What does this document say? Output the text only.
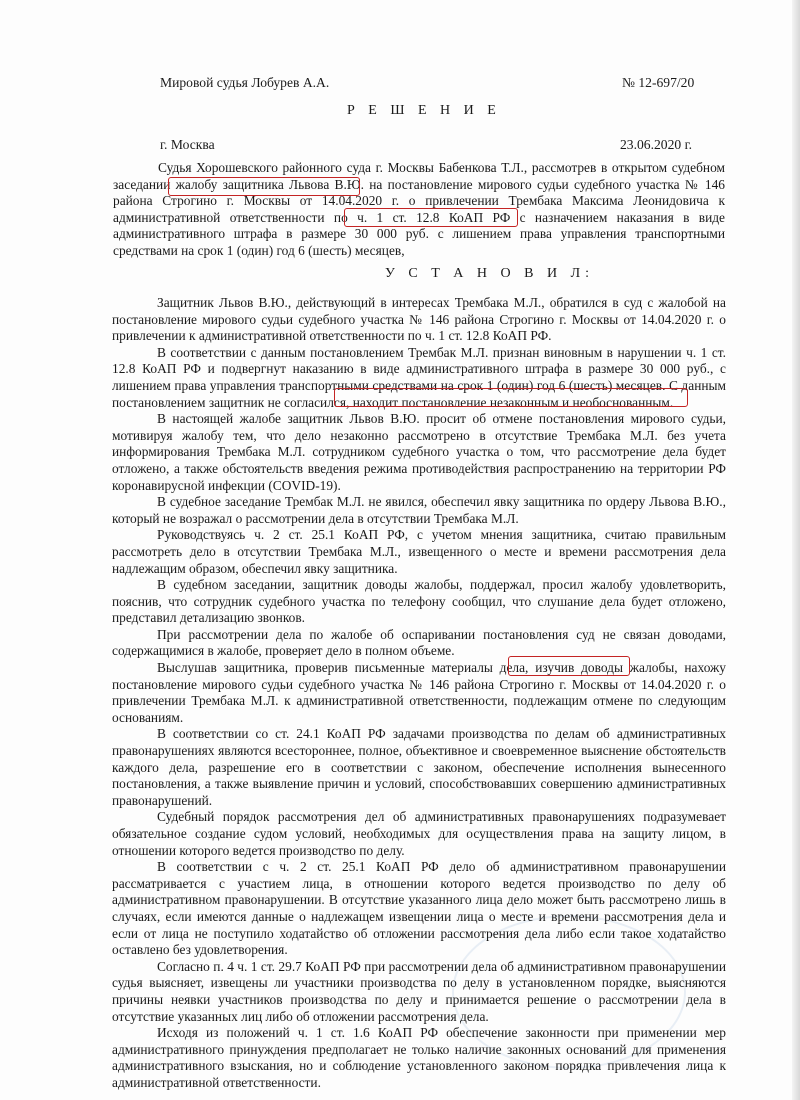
Мировой судья Лобурев А.А.	№ 12-697/20
Р Е Ш Е Н И Е
г. Москва	23.06.2020 г.

Судья Хорошевского районного суда г. Москвы Бабенкова Т.Л., рассмотрев в открытом судебном заседании жалобу защитника Львова В.Ю. на постановление мирового судьи судебного участка № 146 района Строгино г. Москвы от 14.04.2020 г. о привлечении Трембака Максима Леонидовича к административной ответственности по ч. 1 ст. 12.8 КоАП РФ с назначением наказания в виде административного штрафа в размере 30 000 руб. с лишением права управления транспортными средствами на срок 1 (один) год 6 (шесть) месяцев,

У С Т А Н О В И Л:

Защитник Львов В.Ю., действующий в интересах Трембака М.Л., обратился в суд с жалобой на постановление мирового судьи судебного участка № 146 района Строгино г. Москвы от 14.04.2020 г. о привлечении к административной ответственности по ч. 1 ст. 12.8 КоАП РФ.

В соответствии с данным постановлением Трембак М.Л. признан виновным в нарушении ч. 1 ст. 12.8 КоАП РФ и подвергнут наказанию в виде административного штрафа в размере 30 000 руб., с лишением права управления транспортными средствами на срок 1 (один) год 6 (шесть) месяцев. С данным постановлением защитник не согласился, находит постановление незаконным и необоснованным.

В настоящей жалобе защитник Львов В.Ю. просит об отмене постановления мирового судьи, мотивируя жалобу тем, что дело незаконно рассмотрено в отсутствие Трембака М.Л. без учета информирования Трембака М.Л. сотрудником судебного участка о том, что рассмотрение дела будет отложено, а также обстоятельств введения режима противодействия распространению на территории РФ коронавирусной инфекции (COVID-19).

В судебное заседание Трембак М.Л. не явился, обеспечил явку защитника по ордеру Львова В.Ю., который не возражал о рассмотрении дела в отсутствии Трембака М.Л.

Руководствуясь ч. 2 ст. 25.1 КоАП РФ, с учетом мнения защитника, считаю правильным рассмотреть дело в отсутствии Трембака М.Л., извещенного о месте и времени рассмотрения дела надлежащим образом, обеспечил явку защитника.

В судебном заседании, защитник доводы жалобы, поддержал, просил жалобу удовлетворить, пояснив, что сотрудник судебного участка по телефону сообщил, что слушание дела будет отложено, представил детализацию звонков.

При рассмотрении дела по жалобе об оспаривании постановления суд не связан доводами, содержащимися в жалобе, проверяет дело в полном объеме.

Выслушав защитника, проверив письменные материалы дела, изучив доводы жалобы, нахожу постановление мирового судьи судебного участка № 146 района Строгино г. Москвы от 14.04.2020 г. о привлечении Трембака М.Л. к административной ответственности, подлежащим отмене по следующим основаниям.

В соответствии со ст. 24.1 КоАП РФ задачами производства по делам об административных правонарушениях являются всестороннее, полное, объективное и своевременное выяснение обстоятельств каждого дела, разрешение его в соответствии с законом, обеспечение исполнения вынесенного постановления, а также выявление причин и условий, способствовавших совершению административных правонарушений.

Судебный порядок рассмотрения дел об административных правонарушениях подразумевает обязательное создание судом условий, необходимых для осуществления права на защиту лицом, в отношении которого ведется производство по делу.

В соответствии с ч. 2 ст. 25.1 КоАП РФ дело об административном правонарушении рассматривается с участием лица, в отношении которого ведется производство по делу об административном правонарушении. В отсутствие указанного лица дело может быть рассмотрено лишь в случаях, если имеются данные о надлежащем извещении лица о месте и времени рассмотрения дела и если от лица не поступило ходатайство об отложении рассмотрения дела либо если такое ходатайство оставлено без удовлетворения.

Согласно п. 4 ч. 1 ст. 29.7 КоАП РФ при рассмотрении дела об административном правонарушении судья выясняет, извещены ли участники производства по делу в установленном порядке, выясняются причины неявки участников производства по делу и принимается решение о рассмотрении дела в отсутствие указанных лиц либо об отложении рассмотрения дела.

Исходя из положений ч. 1 ст. 1.6 КоАП РФ обеспечение законности при применении мер административного принуждения предполагает не только наличие законных оснований для применения административного взыскания, но и соблюдение установленного законом порядка привлечения лица к административной ответственности.
